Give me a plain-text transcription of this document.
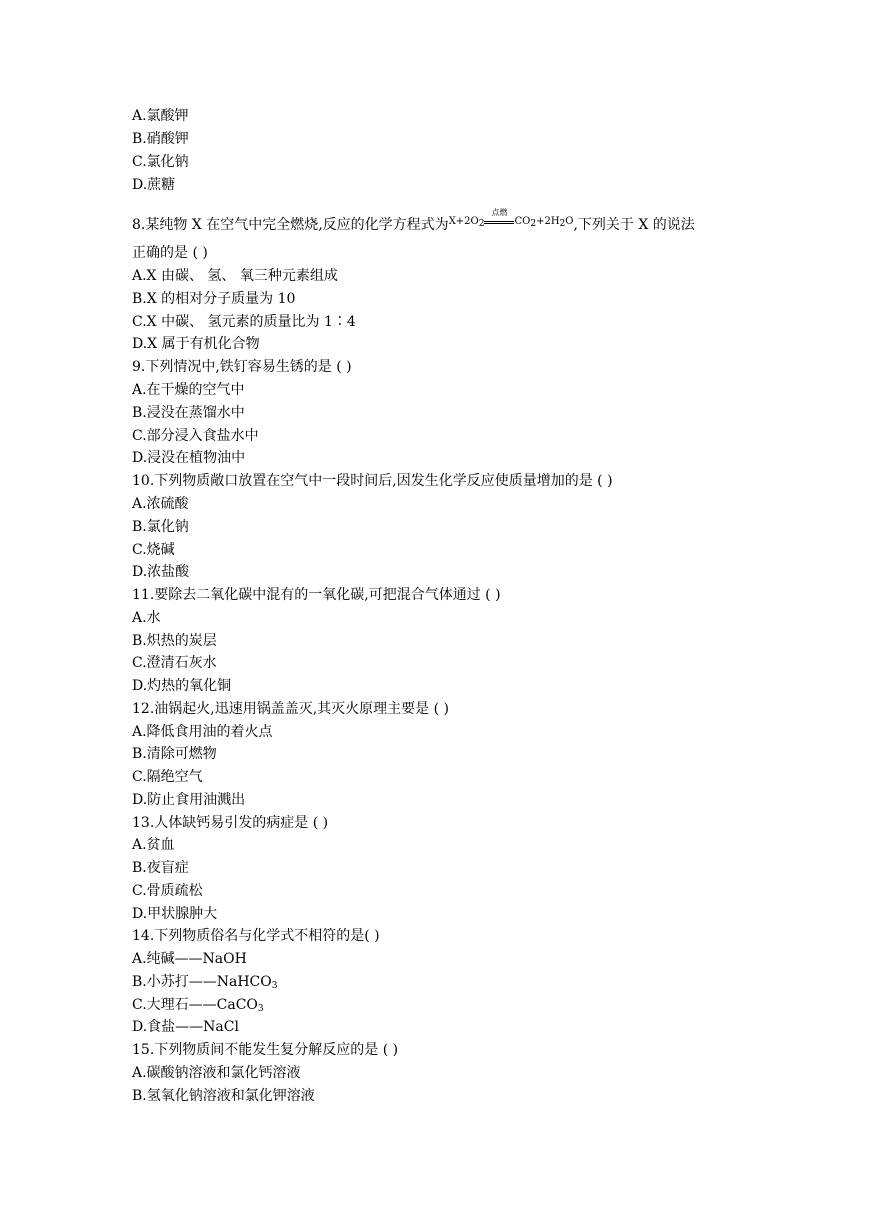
A.氯酸钾
B.硝酸钾
C.氯化钠
D.蔗糖
8.某纯物 X 在空气中完全燃烧,反应的化学方程式为$X+2O_2$
点燃
$CO_2+2H_2O$,下列关于 X 的说法
正确的是 ( )
A.X 由碳、 氢、 氧三种元素组成
B.X 的相对分子质量为 10
C.X 中碳、 氢元素的质量比为 1∶4
D.X 属于有机化合物
9.下列情况中,铁钉容易生锈的是 ( )
A.在干燥的空气中
B.浸没在蒸馏水中
C.部分浸入食盐水中
D.浸没在植物油中
10.下列物质敞口放置在空气中一段时间后,因发生化学反应使质量增加的是 ( )
A.浓硫酸
B.氯化钠
C.烧碱
D.浓盐酸
11.要除去二氧化碳中混有的一氧化碳,可把混合气体通过 ( )
A.水
B.炽热的炭层
C.澄清石灰水
D.灼热的氧化铜
12.油锅起火,迅速用锅盖盖灭,其灭火原理主要是 ( )
A.降低食用油的着火点
B.清除可燃物
C.隔绝空气
D.防止食用油溅出
13.人体缺钙易引发的病症是 ( )
A.贫血
B.夜盲症
C.骨质疏松
D.甲状腺肿大
14.下列物质俗名与化学式不相符的是( )
A.纯碱——NaOH
B.小苏打——NaHCO$_3$
C.大理石——CaCO$_3$
D.食盐——NaCl
15.下列物质间不能发生复分解反应的是 ( )
A.碳酸钠溶液和氯化钙溶液
B.氢氧化钠溶液和氯化钾溶液
